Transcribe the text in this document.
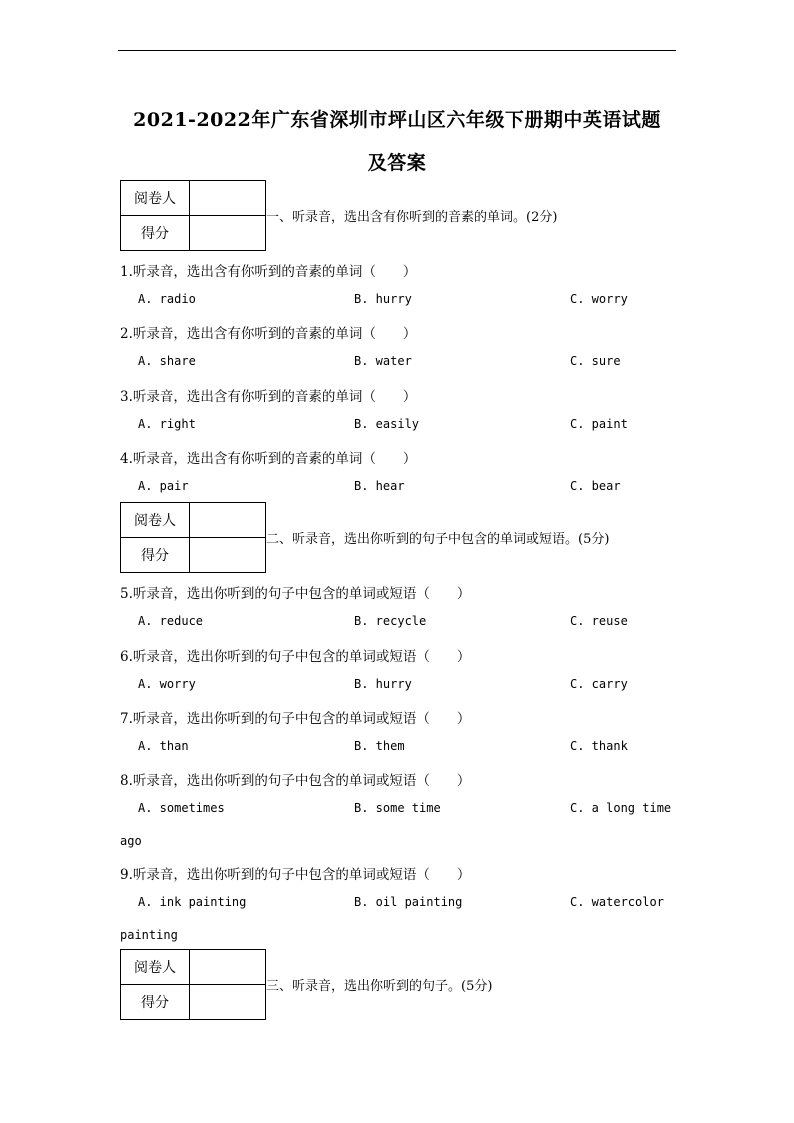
2021-2022年广东省深圳市坪山区六年级下册期中英语试题
及答案
阅卷人	
得分	
一、听录音，选出含有你听到的音素的单词。(2分)
1.听录音，选出含有你听到的音素的单词（　　）
A. radio	B. hurry	C. worry
2.听录音，选出含有你听到的音素的单词（　　）
A. share	B. water	C. sure
3.听录音，选出含有你听到的音素的单词（　　）
A. right	B. easily	C. paint
4.听录音，选出含有你听到的音素的单词（　　）
A. pair	B. hear	C. bear
阅卷人	
得分	
二、听录音，选出你听到的句子中包含的单词或短语。(5分)
5.听录音，选出你听到的句子中包含的单词或短语（　　）
A. reduce	B. recycle	C. reuse
6.听录音，选出你听到的句子中包含的单词或短语（　　）
A. worry	B. hurry	C. carry
7.听录音，选出你听到的句子中包含的单词或短语（　　）
A. than	B. them	C. thank
8.听录音，选出你听到的句子中包含的单词或短语（　　）
A. sometimes	B. some time	C. a long time
ago
9.听录音，选出你听到的句子中包含的单词或短语（　　）
A. ink painting	B. oil painting	C. watercolor
painting
阅卷人	
得分	
三、听录音，选出你听到的句子。(5分)
